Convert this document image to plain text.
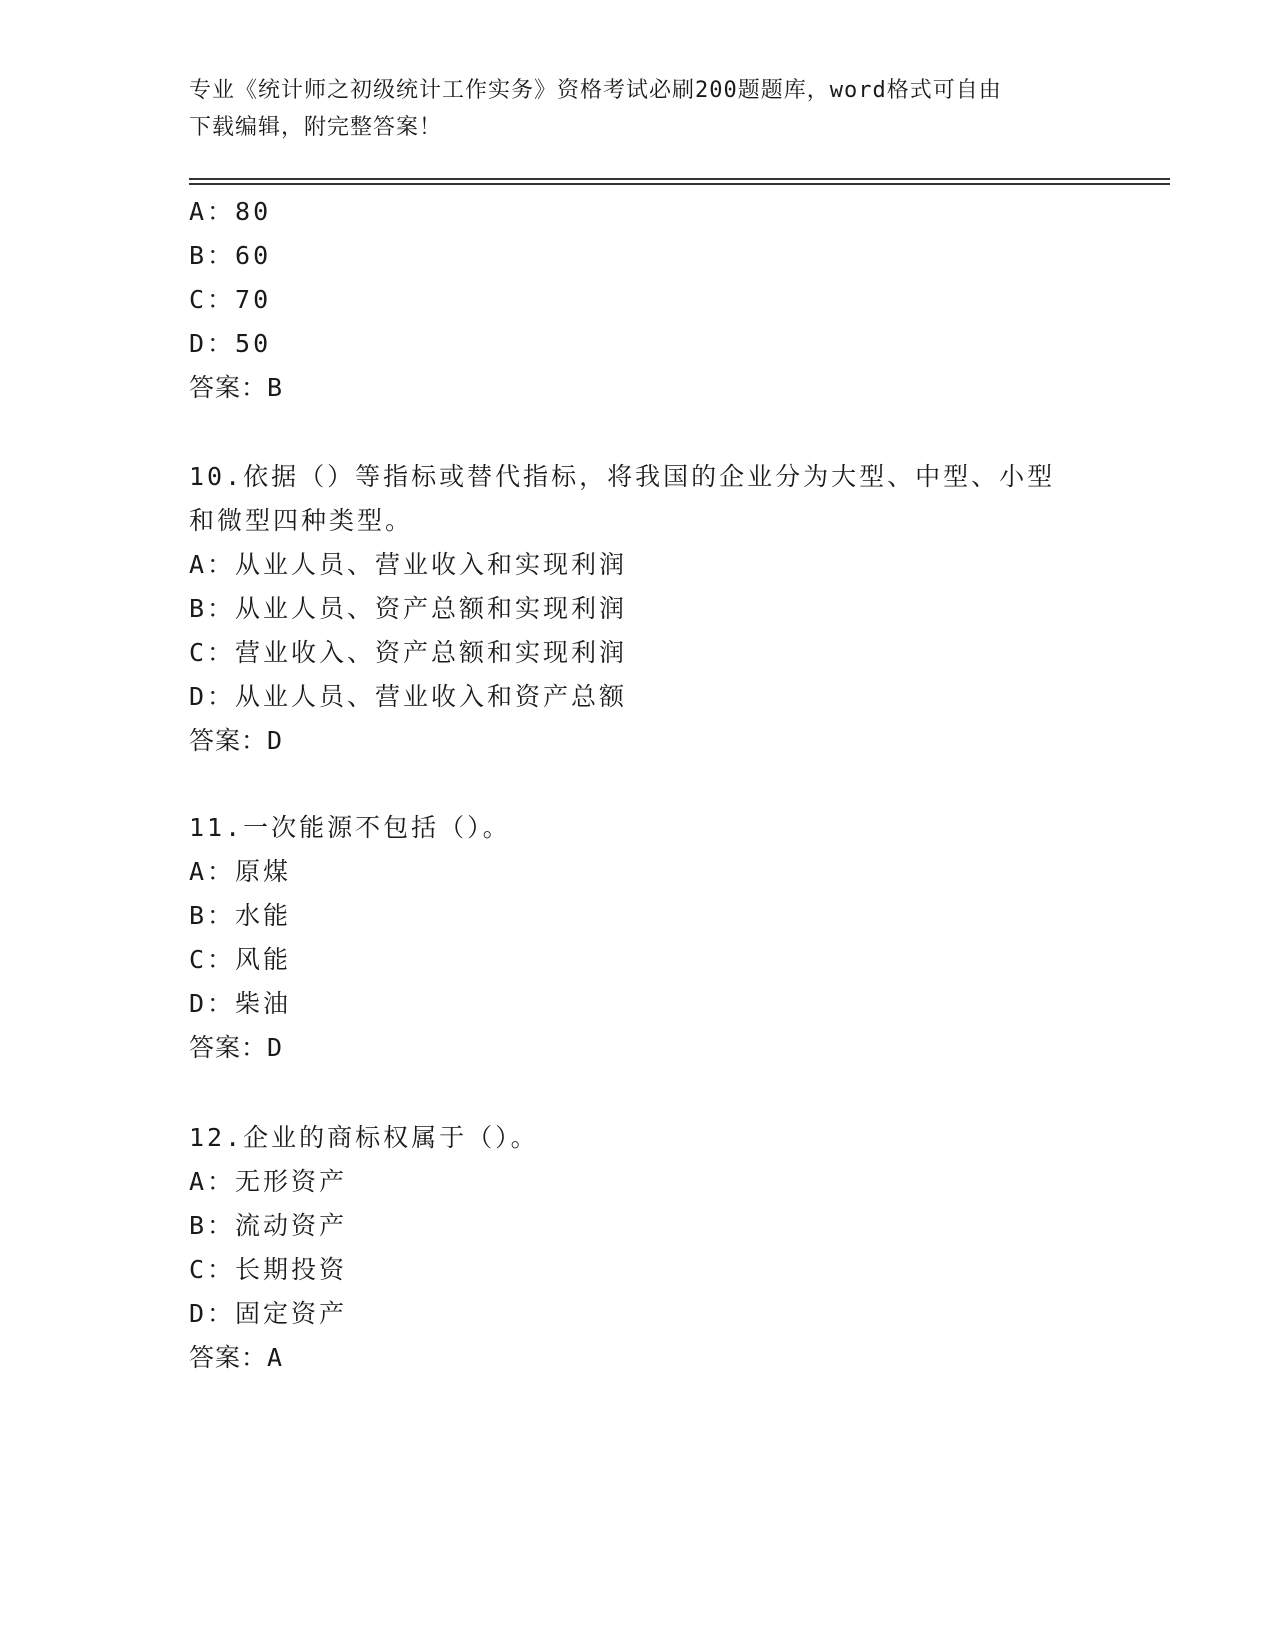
专业《统计师之初级统计工作实务》资格考试必刷200题题库，word格式可自由
下载编辑，附完整答案！
A：80
B：60
C：70
D：50
答案：B
10.依据（）等指标或替代指标，将我国的企业分为大型、中型、小型
和微型四种类型。
A：从业人员、营业收入和实现利润
B：从业人员、资产总额和实现利润
C：营业收入、资产总额和实现利润
D：从业人员、营业收入和资产总额
答案：D
11.一次能源不包括（）。
A：原煤
B：水能
C：风能
D：柴油
答案：D
12.企业的商标权属于（）。
A：无形资产
B：流动资产
C：长期投资
D：固定资产
答案：A
